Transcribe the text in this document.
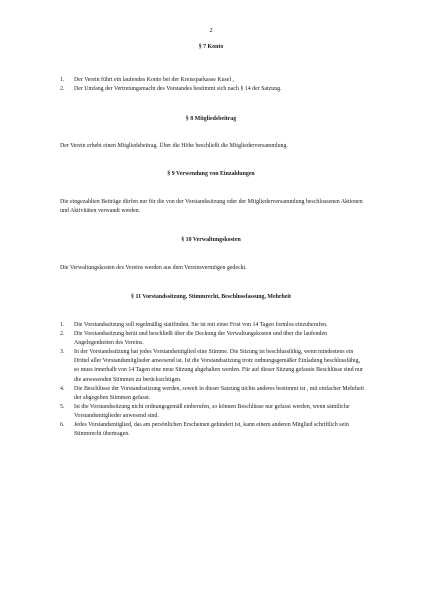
2
§ 7 Konto
1. Der Verein führt ein laufendes Konto bei der Kreissparkasse Kusel ,
2. Der Umfang der Vertretungsmacht des Vorstandes bestimmt sich nach § 14 der Satzung.
§ 8 Mitgliedsbeitrag
Der Verein erhebt einen Mitgliedsbeitrag. Über die Höhe beschließt die Mitgliederversammlung.
§ 9 Verwendung von Einzahlungen
Die eingezahlten Beiträge dürfen nur für die von der Vorstandssitzung oder der Mitgliederversammlung beschlossenen Aktionen und Aktivitäten verwandt werden.
§ 10 Verwaltungskosten
Die Verwaltungskosten des Vereins werden aus dem Vereinsvermögen gedeckt.
§ 11 Vorstandssitzung, Stimmrecht, Beschlussfassung, Mehrheit
1. Die Vorstandssitzung soll regelmäßig stattfinden. Sie ist mit einer Frist von 14 Tagen formlos einzuberufen.
2. Die Vorstandssitzung berät und beschließt über die Deckung der Verwaltungskosten und über die laufenden Angelegenheiten des Vereins.
3. In der Vorstandssitzung hat jedes Vorstandsmitglied eine Stimme. Die Sitzung ist beschlussfähig, wenn mindestens ein Drittel aller Vorstandsmitglieder anwesend ist. Ist die Vorstandssitzung trotz ordnungsgemäßer Einladung beschlussfähig, so muss innerhalb von 14 Tagen eine neue Sitzung abgehalten werden. Für auf dieser Sitzung gefasste Beschlüsse sind nur die anwesenden Stimmen zu berücksichtigen.
4. Die Beschlüsse der Vorstandssitzung werden, soweit in dieser Satzung nichts anderes bestimmt ist , mit einfacher Mehrheit der abgegeben Stimmen gefasst.
5. Ist die Vorstandssitzung nicht ordnungsgemäß einberufen, so können Beschlüsse nur gefasst werden, wenn sämtliche Vorstandsmitglieder anwesend sind.
6. Jedes Vorstandsmitglied, das am persönlichen Erscheinen gehindert ist, kann einem anderen Mitglied schriftlich sein Stimmrecht übertragen.
